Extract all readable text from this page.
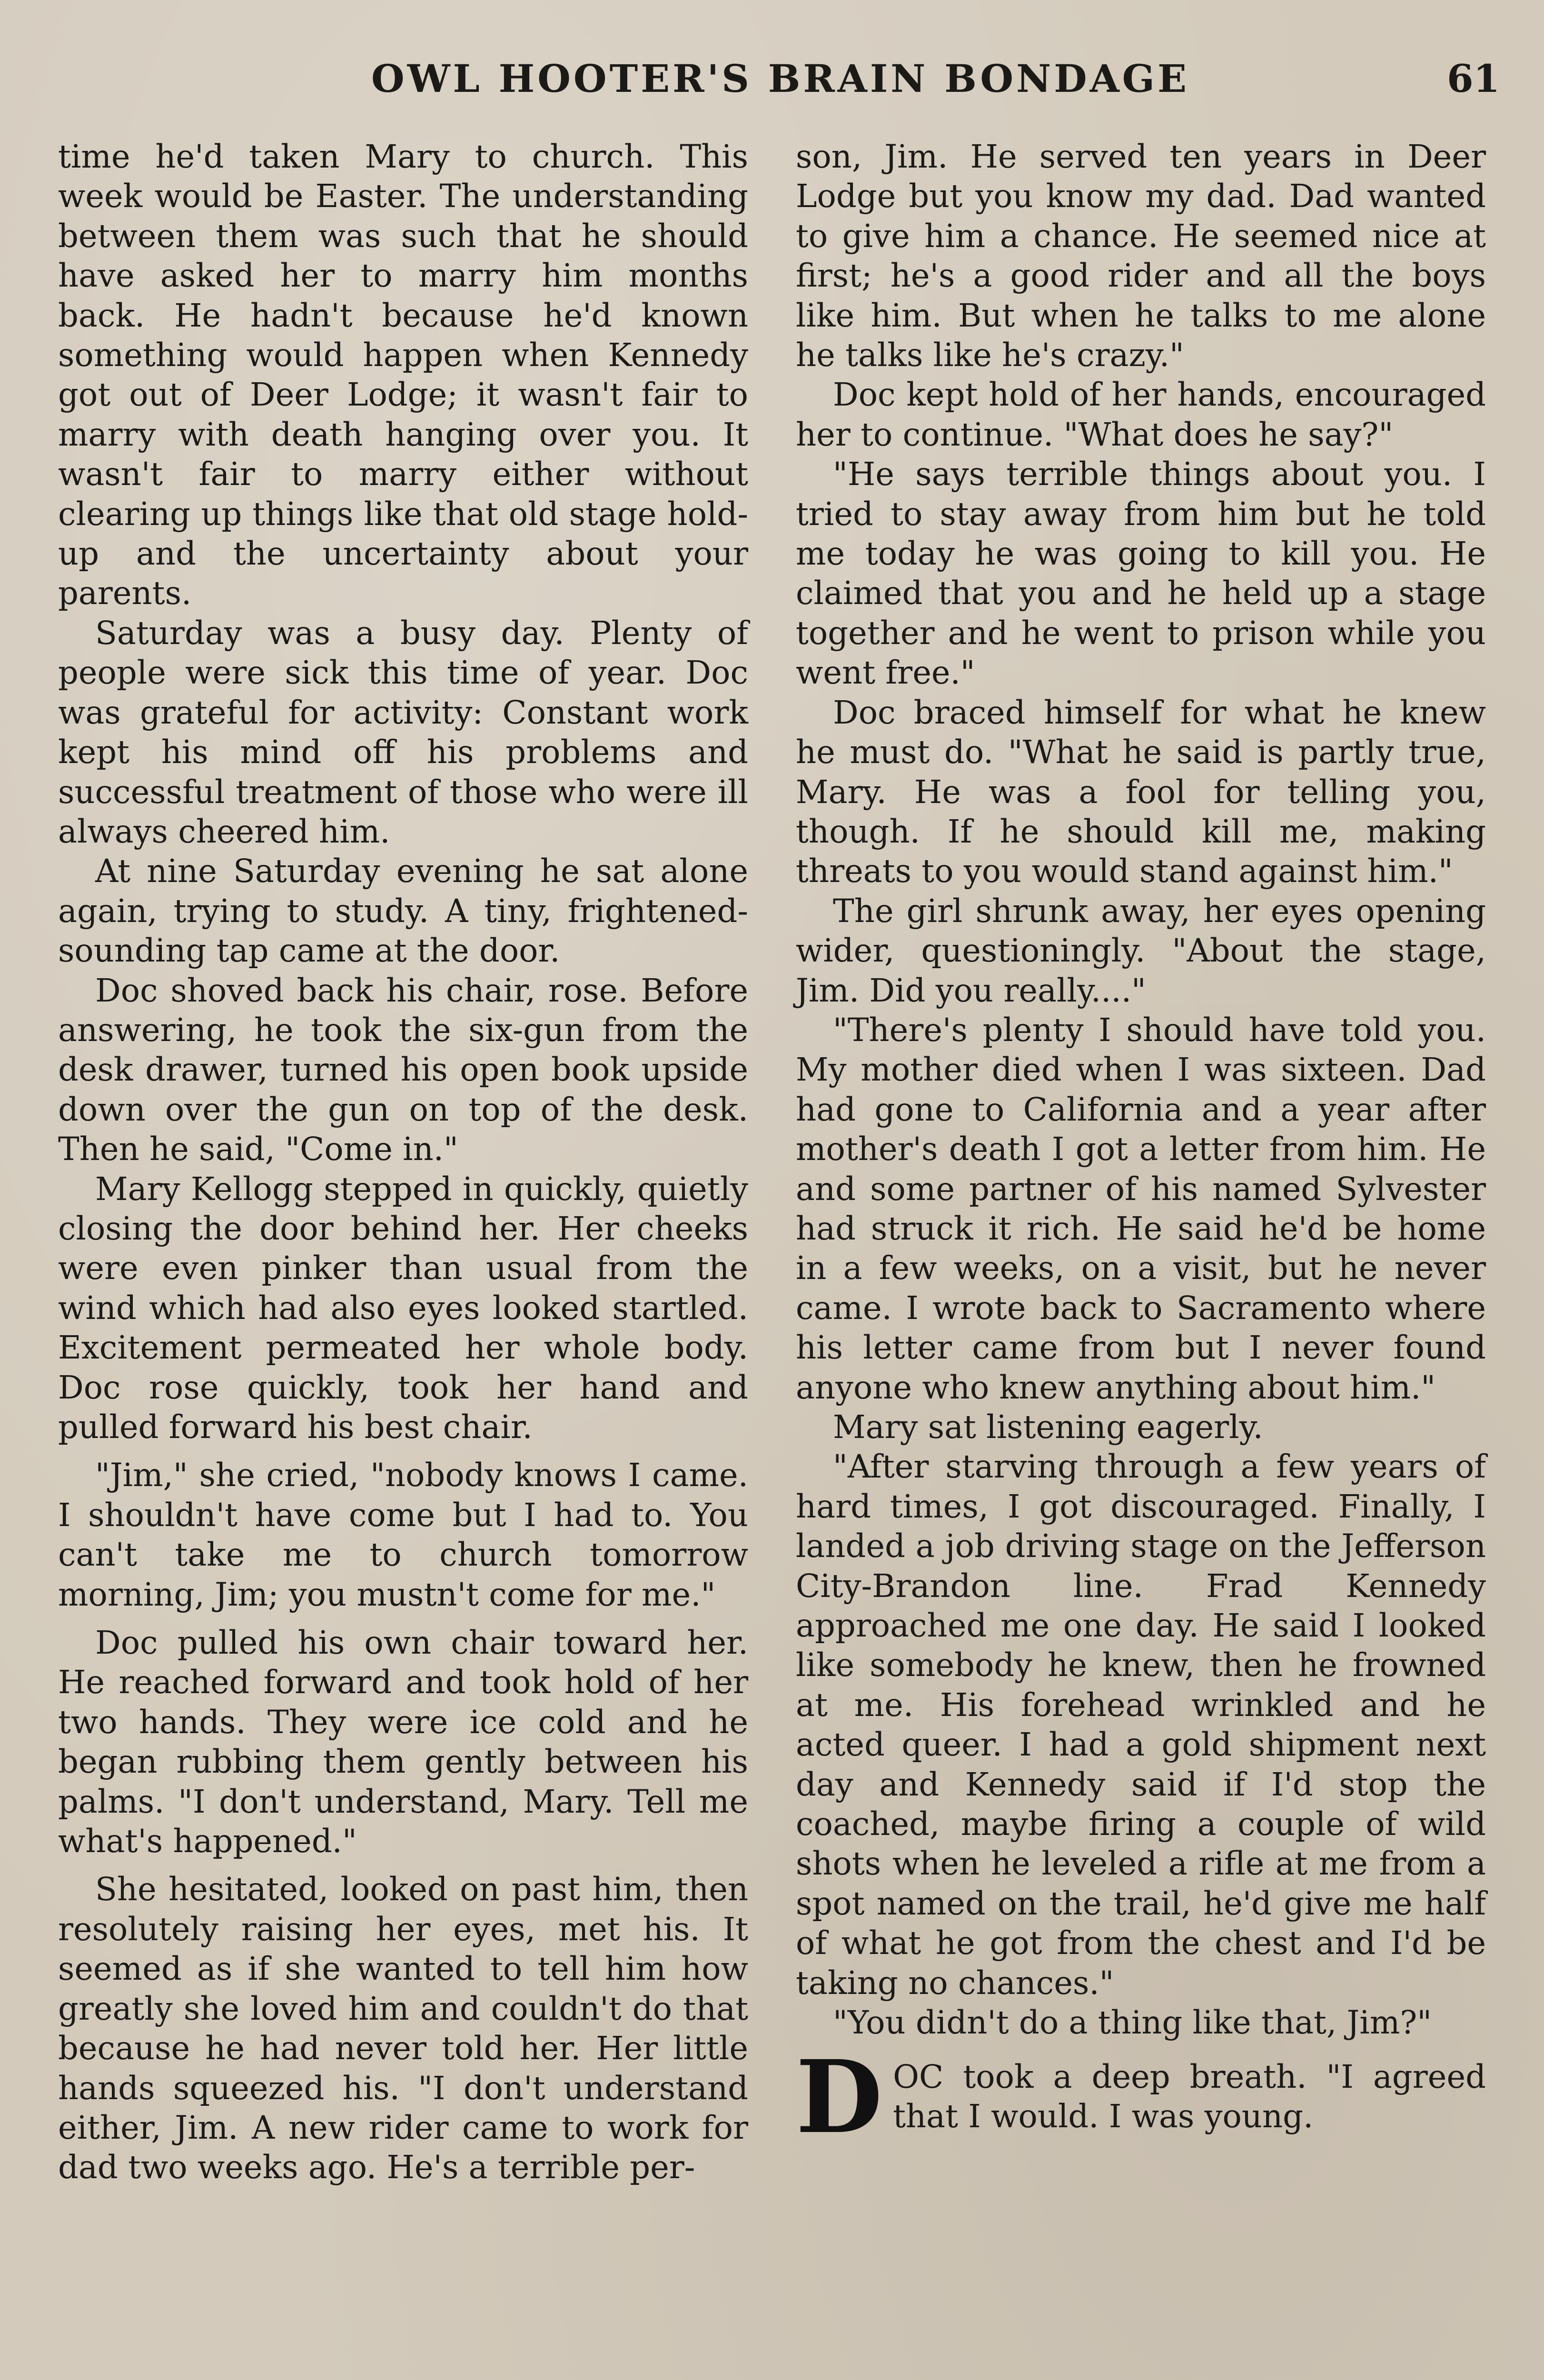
OWL HOOTER'S BRAIN BONDAGE	61

time he'd taken Mary to church. This week would be Easter. The understanding between them was such that he should have asked her to marry him months back. He hadn't because he'd known something would happen when Kennedy got out of Deer Lodge; it wasn't fair to marry with death hanging over you. It wasn't fair to marry either without clearing up things like that old stage hold-up and the uncertainty about your parents.

Saturday was a busy day. Plenty of people were sick this time of year. Doc was grateful for activity: Constant work kept his mind off his problems and successful treatment of those who were ill always cheered him.

At nine Saturday evening he sat alone again, trying to study. A tiny, frightened-sounding tap came at the door.

Doc shoved back his chair, rose. Before answering, he took the six-gun from the desk drawer, turned his open book upside down over the gun on top of the desk. Then he said, "Come in."

Mary Kellogg stepped in quickly, quietly closing the door behind her. Her cheeks were even pinker than usual from the wind which had also eyes looked startled. Excitement permeated her whole body. Doc rose quickly, took her hand and pulled forward his best chair.

"Jim," she cried, "nobody knows I came. I shouldn't have come but I had to. You can't take me to church tomorrow morning, Jim; you mustn't come for me."

Doc pulled his own chair toward her. He reached forward and took hold of her two hands. They were ice cold and he began rubbing them gently between his palms. "I don't understand, Mary. Tell me what's happened."

She hesitated, looked on past him, then resolutely raising her eyes, met his. It seemed as if she wanted to tell him how greatly she loved him and couldn't do that because he had never told her. Her little hands squeezed his. "I don't understand either, Jim. A new rider came to work for dad two weeks ago. He's a terrible per-

son, Jim. He served ten years in Deer Lodge but you know my dad. Dad wanted to give him a chance. He seemed nice at first; he's a good rider and all the boys like him. But when he talks to me alone he talks like he's crazy."

Doc kept hold of her hands, encouraged her to continue. "What does he say?"

"He says terrible things about you. I tried to stay away from him but he told me today he was going to kill you. He claimed that you and he held up a stage together and he went to prison while you went free."

Doc braced himself for what he knew he must do. "What he said is partly true, Mary. He was a fool for telling you, though. If he should kill me, making threats to you would stand against him."

The girl shrunk away, her eyes opening wider, questioningly. "About the stage, Jim. Did you really...."

"There's plenty I should have told you. My mother died when I was sixteen. Dad had gone to California and a year after mother's death I got a letter from him. He and some partner of his named Sylvester had struck it rich. He said he'd be home in a few weeks, on a visit, but he never came. I wrote back to Sacramento where his letter came from but I never found anyone who knew anything about him."

Mary sat listening eagerly.

"After starving through a few years of hard times, I got discouraged. Finally, I landed a job driving stage on the Jefferson City-Brandon line. Frad Kennedy approached me one day. He said I looked like somebody he knew, then he frowned at me. His forehead wrinkled and he acted queer. I had a gold shipment next day and Kennedy said if I'd stop the coached, maybe firing a couple of wild shots when he leveled a rifle at me from a spot named on the trail, he'd give me half of what he got from the chest and I'd be taking no chances."

"You didn't do a thing like that, Jim?"

DOC took a deep breath. "I agreed that I would. I was young.
